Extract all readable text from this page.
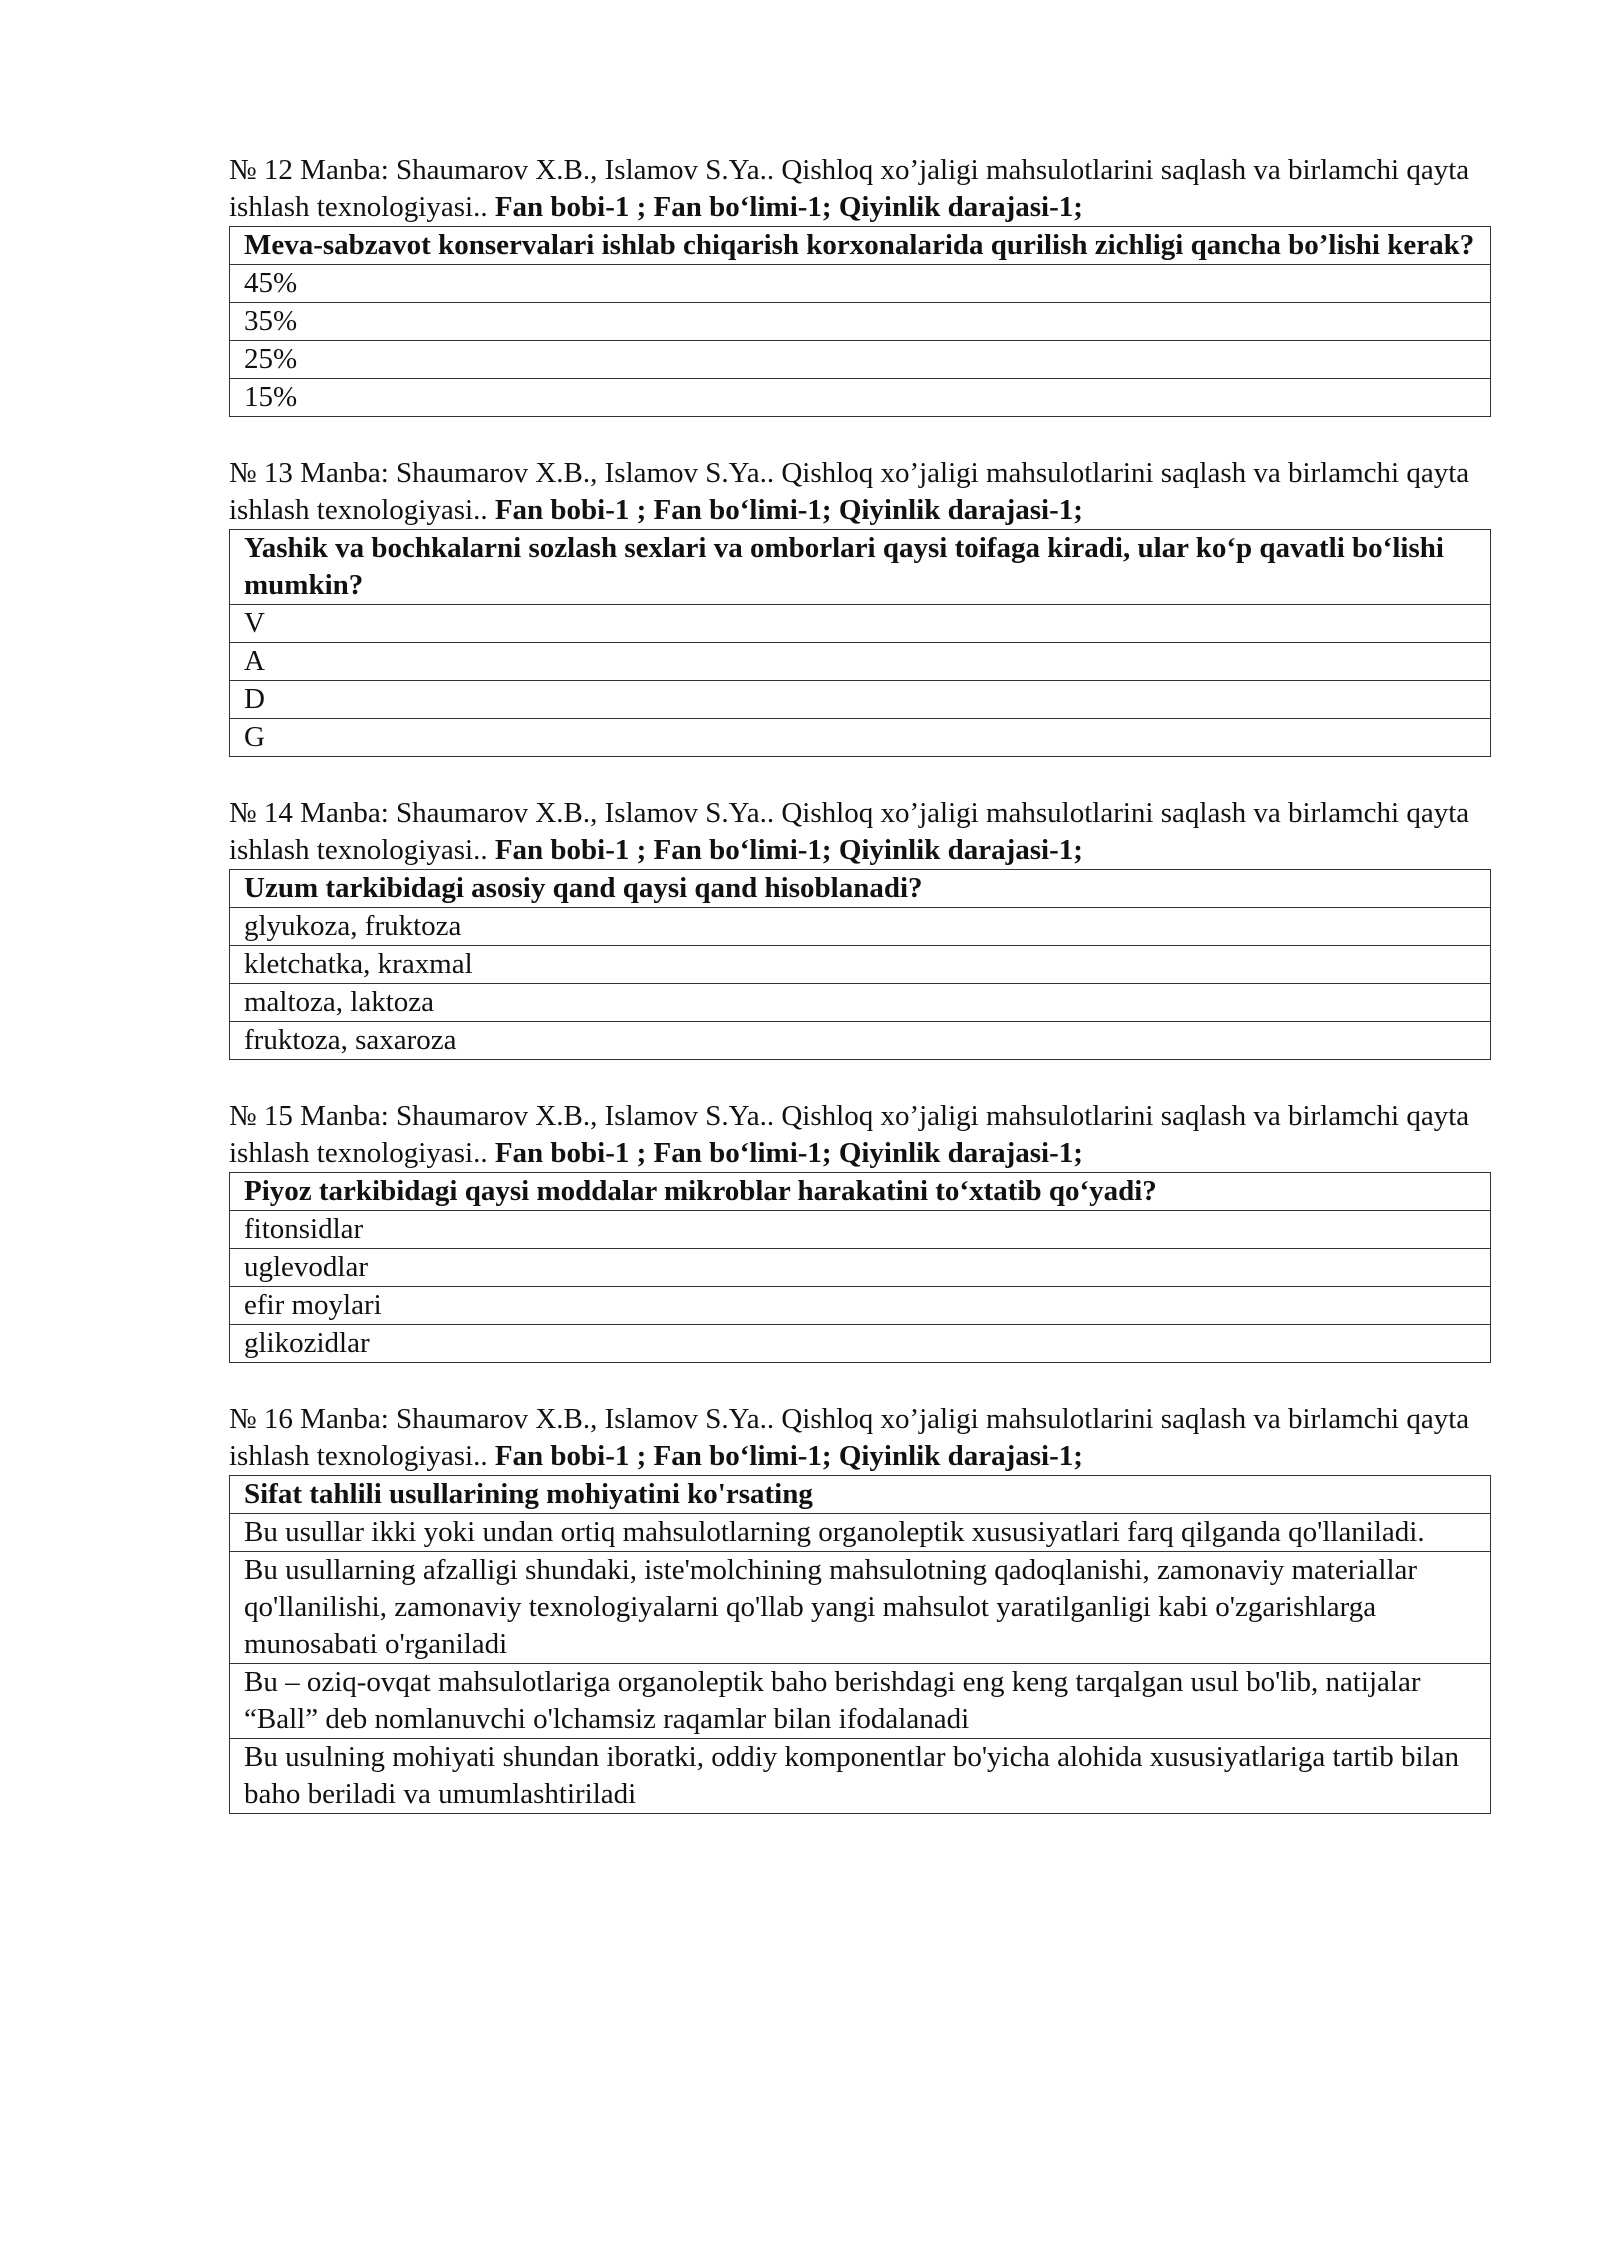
№ 12 Manba: Shaumarov X.B., Islamov S.Ya.. Qishloq xo’jaligi mahsulotlarini saqlash va birlamchi qayta ishlash texnologiyasi.. Fan bobi-1 ; Fan bo‘limi-1; Qiyinlik darajasi-1;

Meva-sabzavot konservalari ishlab chiqarish korxonalarida qurilish zichligi qancha bo’lishi kerak?
45%
35%
25%
15%

№ 13 Manba: Shaumarov X.B., Islamov S.Ya.. Qishloq xo’jaligi mahsulotlarini saqlash va birlamchi qayta ishlash texnologiyasi.. Fan bobi-1 ; Fan bo‘limi-1; Qiyinlik darajasi-1;

Yashik va bochkalarni sozlash sexlari va omborlari qaysi toifaga kiradi, ular ko‘p qavatli bo‘lishi mumkin?
V
A
D
G

№ 14 Manba: Shaumarov X.B., Islamov S.Ya.. Qishloq xo’jaligi mahsulotlarini saqlash va birlamchi qayta ishlash texnologiyasi.. Fan bobi-1 ; Fan bo‘limi-1; Qiyinlik darajasi-1;

Uzum tarkibidagi asosiy qand qaysi qand hisoblanadi?
glyukoza, fruktoza
kletchatka, kraxmal
maltoza, laktoza
fruktoza, saxaroza

№ 15 Manba: Shaumarov X.B., Islamov S.Ya.. Qishloq xo’jaligi mahsulotlarini saqlash va birlamchi qayta ishlash texnologiyasi.. Fan bobi-1 ; Fan bo‘limi-1; Qiyinlik darajasi-1;

Piyoz tarkibidagi qaysi moddalar mikroblar harakatini to‘xtatib qo‘yadi?
fitonsidlar
uglevodlar
efir moylari
glikozidlar

№ 16 Manba: Shaumarov X.B., Islamov S.Ya.. Qishloq xo’jaligi mahsulotlarini saqlash va birlamchi qayta ishlash texnologiyasi.. Fan bobi-1 ; Fan bo‘limi-1; Qiyinlik darajasi-1;

Sifat tahlili usullarining mohiyatini ko'rsating
Bu usullar ikki yoki undan ortiq mahsulotlarning organoleptik xususiyatlari farq qilganda qo'llaniladi.
Bu usullarning afzalligi shundaki, iste'molchining mahsulotning qadoqlanishi, zamonaviy materiallar qo'llanilishi, zamonaviy texnologiyalarni qo'llab yangi mahsulot yaratilganligi kabi o'zgarishlarga munosabati o'rganiladi
Bu – oziq-ovqat mahsulotlariga organoleptik baho berishdagi eng keng tarqalgan usul bo'lib, natijalar “Ball” deb nomlanuvchi o'lchamsiz raqamlar bilan ifodalanadi
Bu usulning mohiyati shundan iboratki, oddiy komponentlar bo'yicha alohida xususiyatlariga tartib bilan baho beriladi va umumlashtiriladi
